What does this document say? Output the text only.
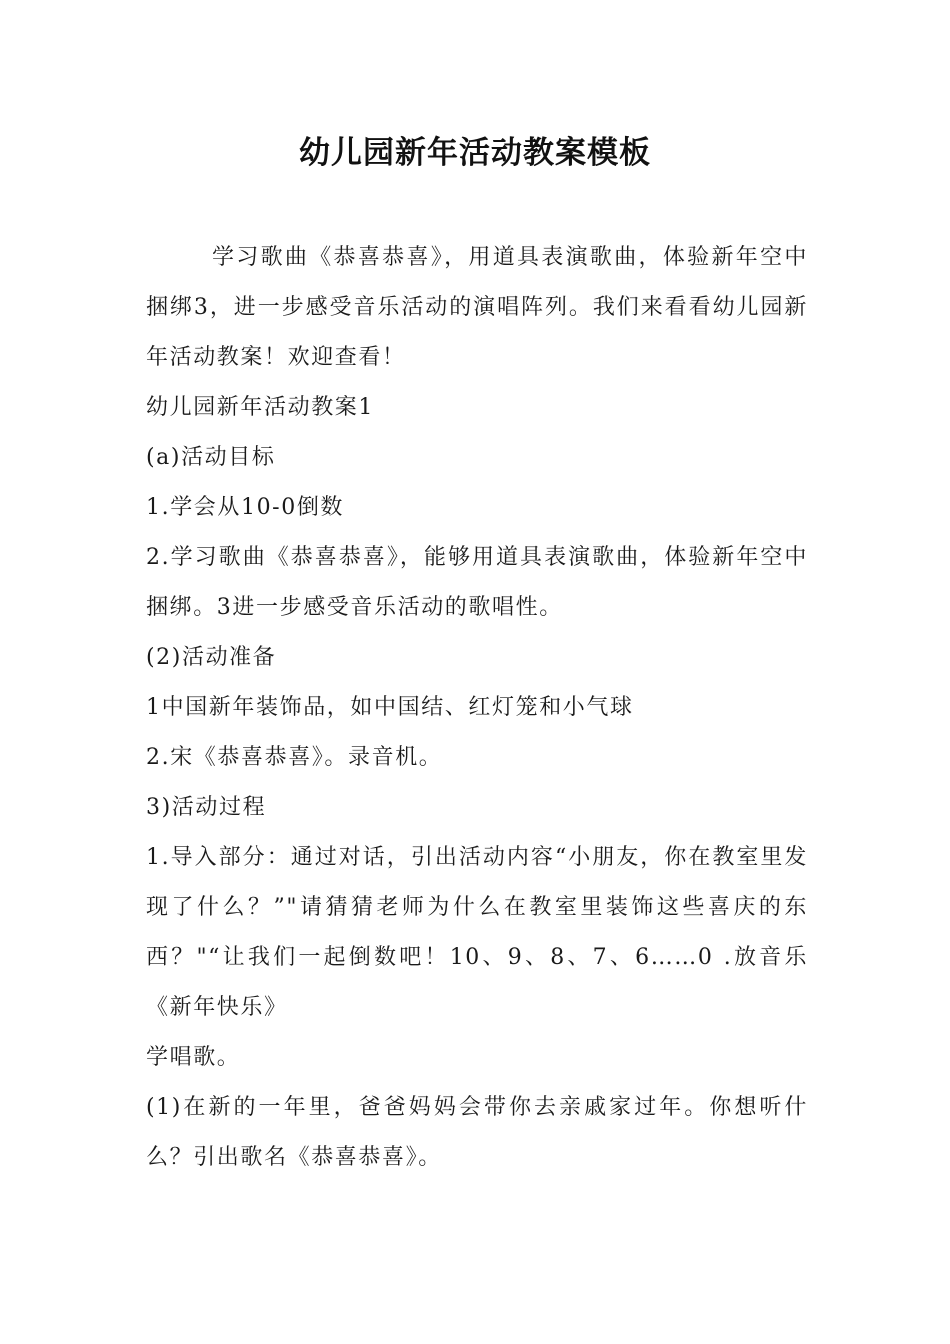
幼儿园新年活动教案模板

学习歌曲《恭喜恭喜》，用道具表演歌曲，体验新年空中捆绑3，进一步感受音乐活动的演唱阵列。我们来看看幼儿园新年活动教案！欢迎查看！

幼儿园新年活动教案1

(a)活动目标

1.学会从10-0倒数

2.学习歌曲《恭喜恭喜》，能够用道具表演歌曲，体验新年空中捆绑。3进一步感受音乐活动的歌唱性。

(2)活动准备

1中国新年装饰品，如中国结、红灯笼和小气球

2.宋《恭喜恭喜》。录音机。

3)活动过程

1.导入部分：通过对话，引出活动内容“小朋友，你在教室里发现了什么？”"请猜猜老师为什么在教室里装饰这些喜庆的东西？"“让我们一起倒数吧！10、9、8、7、6……0 .放音乐《新年快乐》

学唱歌。

(1)在新的一年里，爸爸妈妈会带你去亲戚家过年。你想听什么？引出歌名《恭喜恭喜》。
